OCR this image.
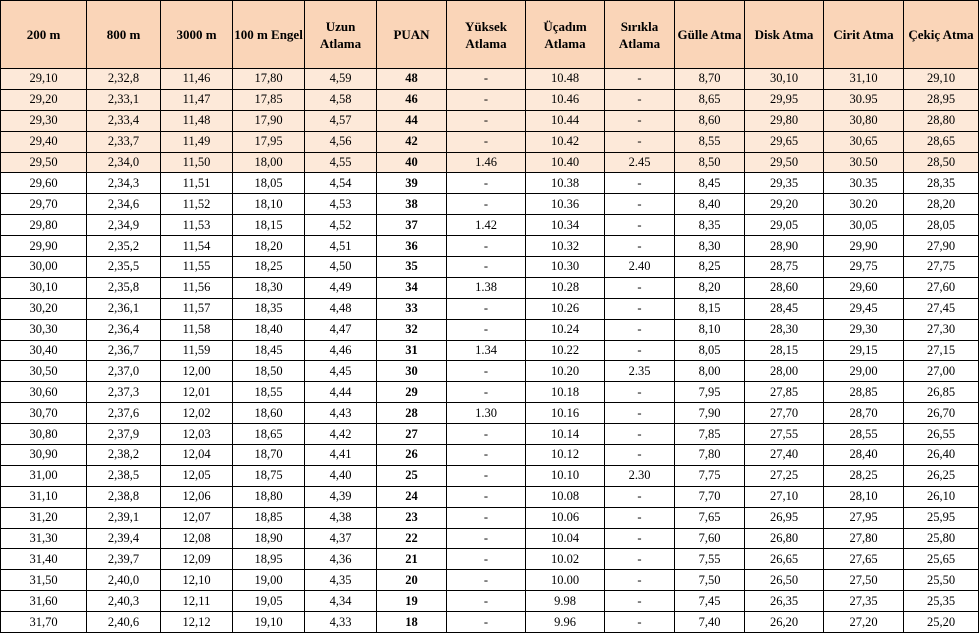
200 m	800 m	3000 m	100 m Engel	Uzun Atlama	PUAN	Yüksek Atlama	Üçadım Atlama	Sırıkla Atlama	Gülle Atma	Disk Atma	Cirit Atma	Çekiç Atma
29,10	2,32,8	11,46	17,80	4,59	48	-	10.48	-	8,70	30,10	31,10	29,10
29,20	2,33,1	11,47	17,85	4,58	46	-	10.46	-	8,65	29,95	30.95	28,95
29,30	2,33,4	11,48	17,90	4,57	44	-	10.44	-	8,60	29,80	30,80	28,80
29,40	2,33,7	11,49	17,95	4,56	42	-	10.42	-	8,55	29,65	30,65	28,65
29,50	2,34,0	11,50	18,00	4,55	40	1.46	10.40	2.45	8,50	29,50	30.50	28,50
29,60	2,34,3	11,51	18,05	4,54	39	-	10.38	-	8,45	29,35	30.35	28,35
29,70	2,34,6	11,52	18,10	4,53	38	-	10.36	-	8,40	29,20	30.20	28,20
29,80	2,34,9	11,53	18,15	4,52	37	1.42	10.34	-	8,35	29,05	30,05	28,05
29,90	2,35,2	11,54	18,20	4,51	36	-	10.32	-	8,30	28,90	29,90	27,90
30,00	2,35,5	11,55	18,25	4,50	35	-	10.30	2.40	8,25	28,75	29,75	27,75
30,10	2,35,8	11,56	18,30	4,49	34	1.38	10.28	-	8,20	28,60	29,60	27,60
30,20	2,36,1	11,57	18,35	4,48	33	-	10.26	-	8,15	28,45	29,45	27,45
30,30	2,36,4	11,58	18,40	4,47	32	-	10.24	-	8,10	28,30	29,30	27,30
30,40	2,36,7	11,59	18,45	4,46	31	1.34	10.22	-	8,05	28,15	29,15	27,15
30,50	2,37,0	12,00	18,50	4,45	30	-	10.20	2.35	8,00	28,00	29,00	27,00
30,60	2,37,3	12,01	18,55	4,44	29	-	10.18	-	7,95	27,85	28,85	26,85
30,70	2,37,6	12,02	18,60	4,43	28	1.30	10.16	-	7,90	27,70	28,70	26,70
30,80	2,37,9	12,03	18,65	4,42	27	-	10.14	-	7,85	27,55	28,55	26,55
30,90	2,38,2	12,04	18,70	4,41	26	-	10.12	-	7,80	27,40	28,40	26,40
31,00	2,38,5	12,05	18,75	4,40	25	-	10.10	2.30	7,75	27,25	28,25	26,25
31,10	2,38,8	12,06	18,80	4,39	24	-	10.08	-	7,70	27,10	28,10	26,10
31,20	2,39,1	12,07	18,85	4,38	23	-	10.06	-	7,65	26,95	27,95	25,95
31,30	2,39,4	12,08	18,90	4,37	22	-	10.04	-	7,60	26,80	27,80	25,80
31,40	2,39,7	12,09	18,95	4,36	21	-	10.02	-	7,55	26,65	27,65	25,65
31,50	2,40,0	12,10	19,00	4,35	20	-	10.00	-	7,50	26,50	27,50	25,50
31,60	2,40,3	12,11	19,05	4,34	19	-	9.98	-	7,45	26,35	27,35	25,35
31,70	2,40,6	12,12	19,10	4,33	18	-	9.96	-	7,40	26,20	27,20	25,20
